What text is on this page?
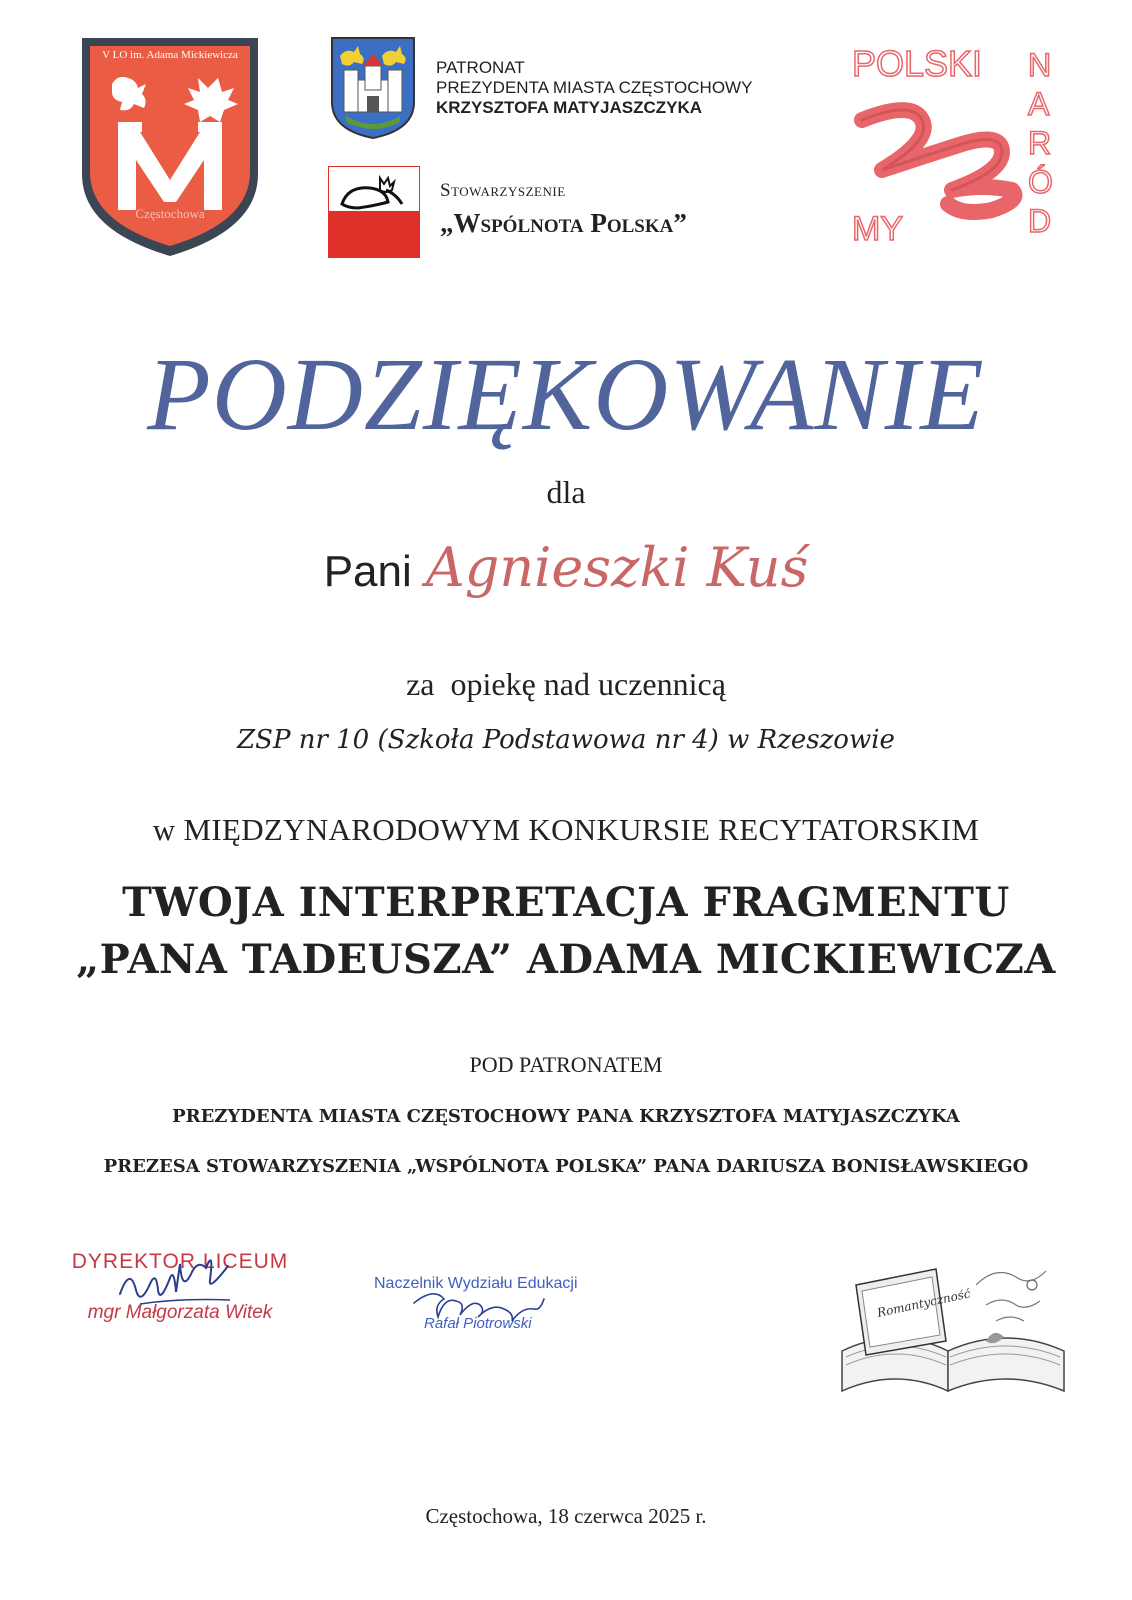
V LO im. Adama Mickiewicza
Częstochowa
PATRONAT
PREZYDENTA MIASTA CZĘSTOCHOWY
KRZYSZTOFA MATYJASZCZYKA
Stowarzyszenie
„Wspólnota Polska”
POLSKI
MY
N
A
R
Ó
D
PODZIĘKOWANIE
dla
Pani Agnieszki Kuś
za  opiekę nad uczennicą
ZSP nr 10 (Szkoła Podstawowa nr 4) w Rzeszowie
w MIĘDZYNARODOWYM KONKURSIE RECYTATORSKIM
TWOJA INTERPRETACJA FRAGMENTU
„PANA TADEUSZA” ADAMA MICKIEWICZA
POD PATRONATEM
PREZYDENTA MIASTA CZĘSTOCHOWY PANA KRZYSZTOFA MATYJASZCZYKA
PREZESA STOWARZYSZENIA „WSPÓLNOTA POLSKA” PANA DARIUSZA BONISŁAWSKIEGO
DYREKTOR LICEUM
mgr Małgorzata Witek
Naczelnik Wydziału Edukacji
Rafał Piotrowski
Romantyczność
Częstochowa, 18 czerwca 2025 r.
